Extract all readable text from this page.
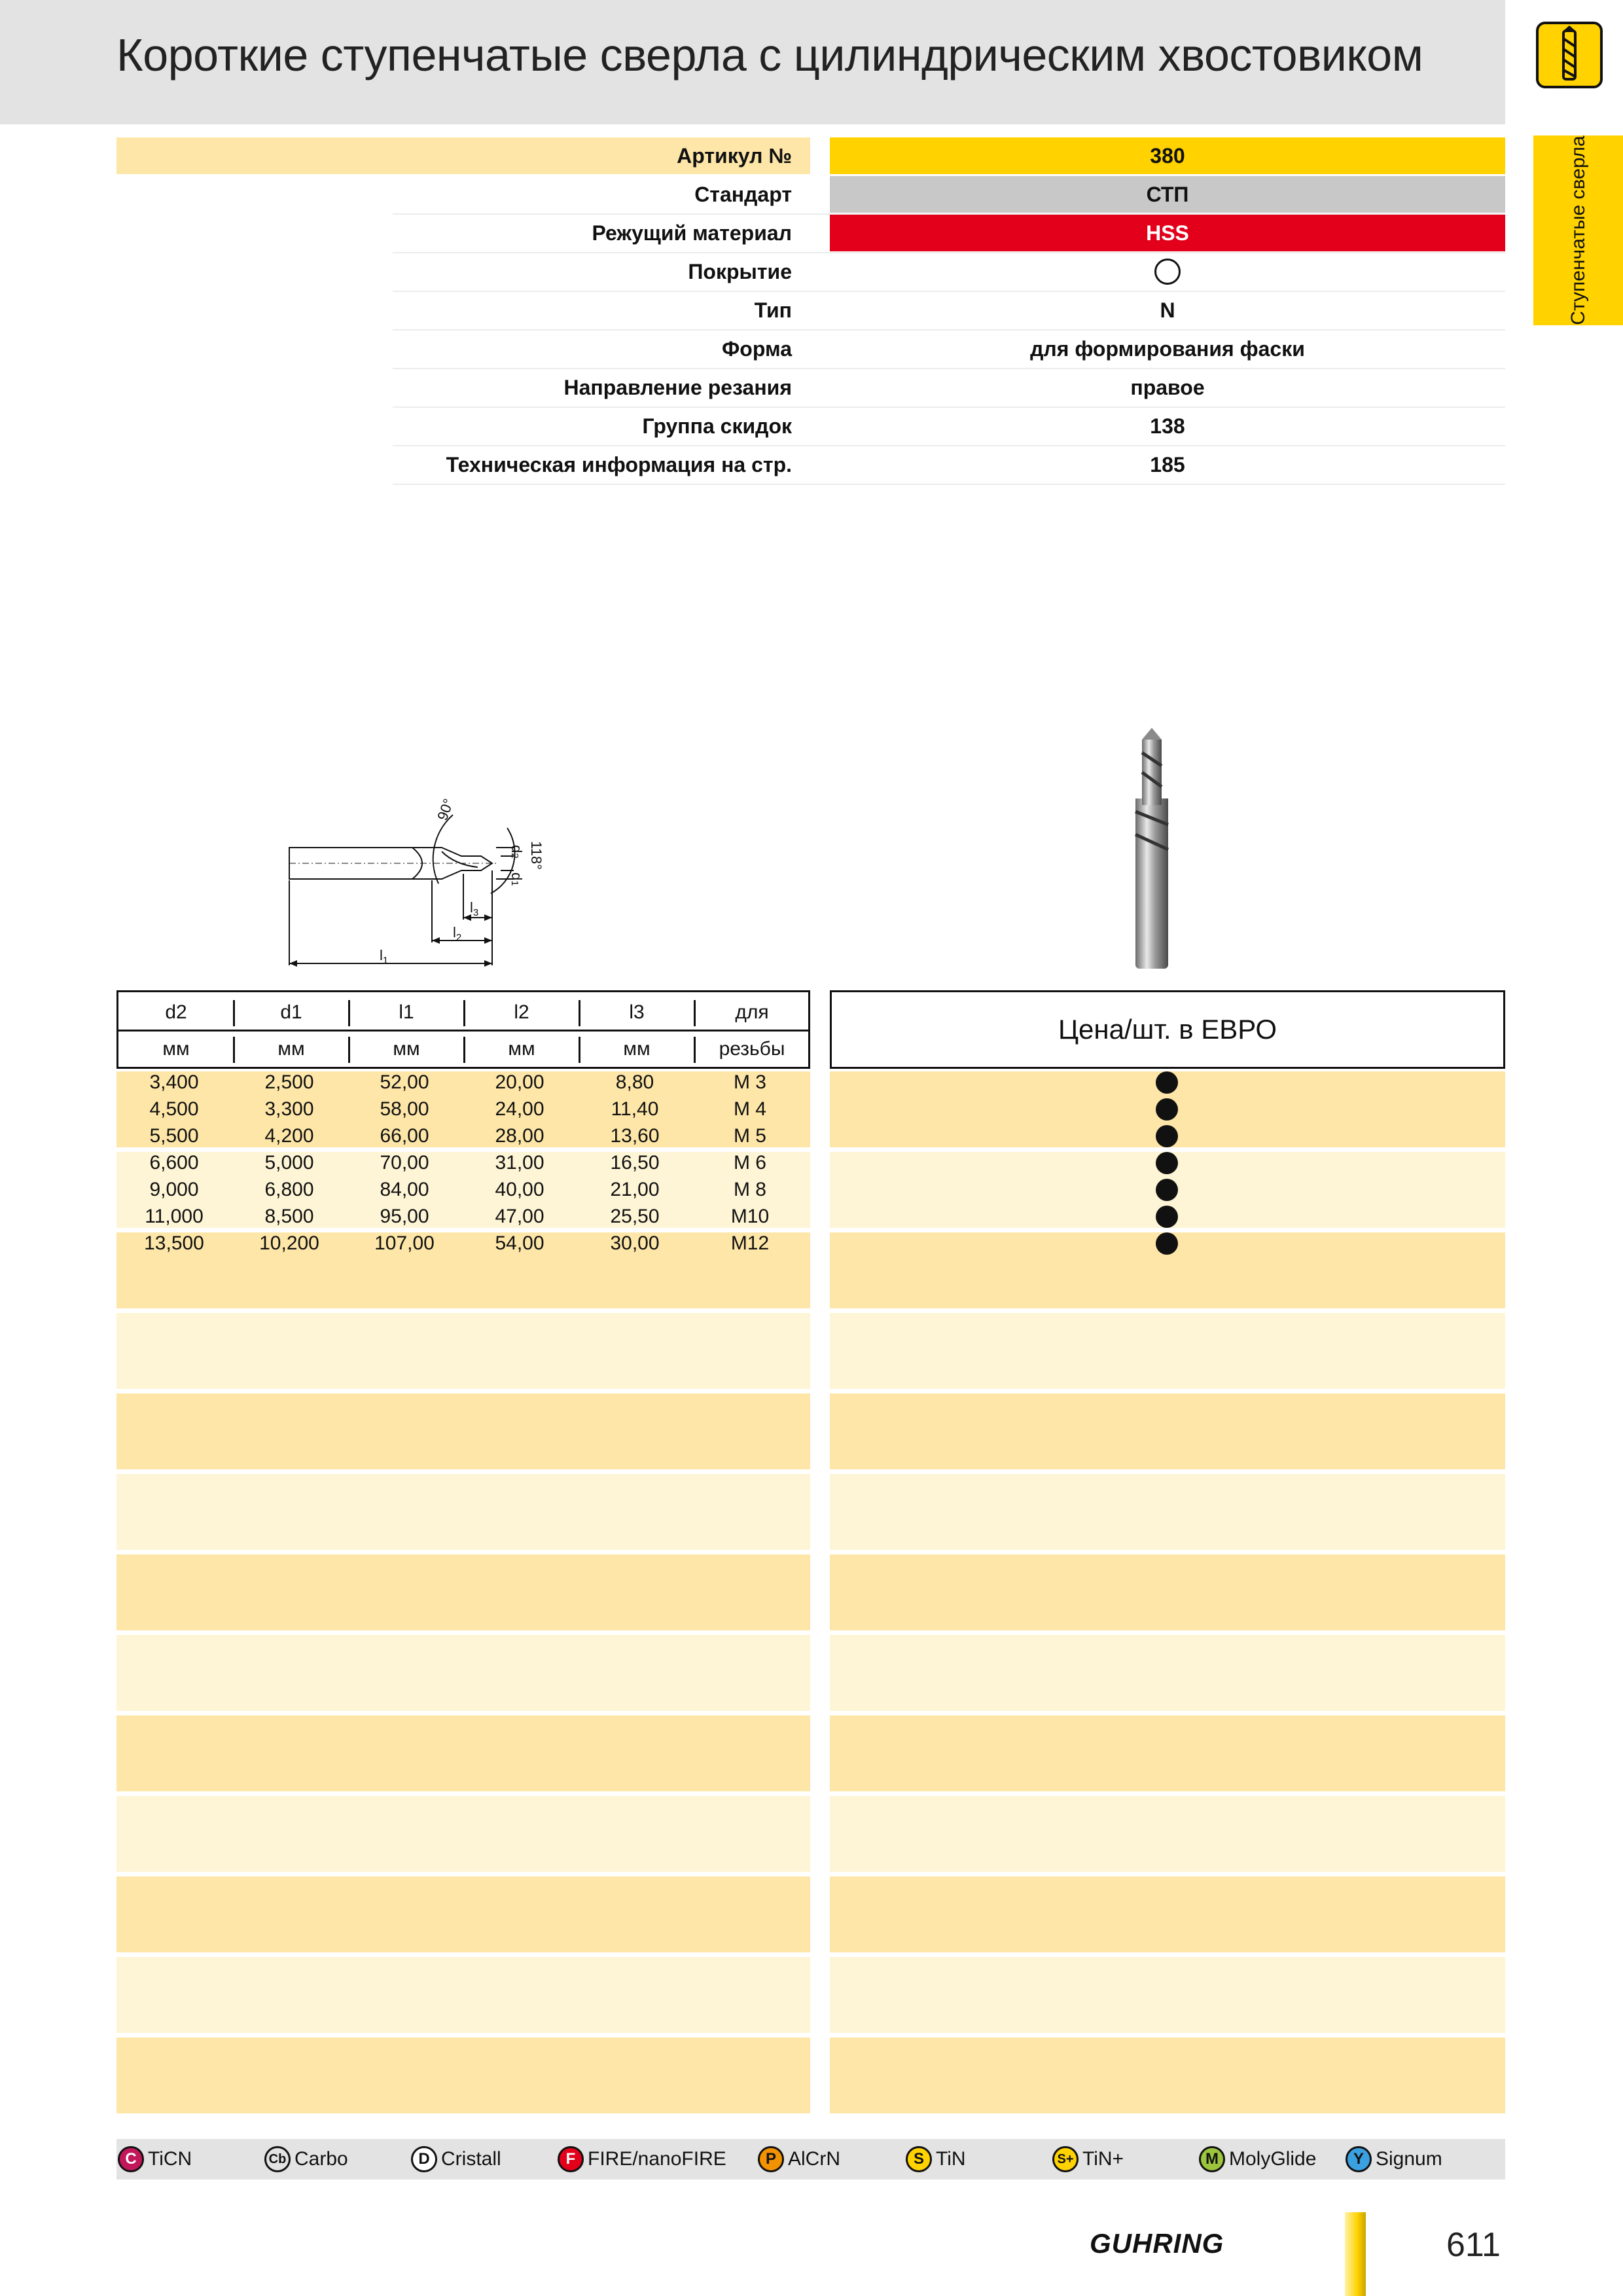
Короткие ступенчатые сверла с цилиндрическим хвостовиком
Ступенчатые сверла
Артикул №	380
Стандарт	СТП
Режущий материал	HSS
Покрытие
Тип	N
Форма	для формирования фаски
Направление резания	правое
Группа скидок	138
Техническая информация на стр.	185
$l_1$
$l_2$
$l_3$
90°
118°
d2
d1
d2	d1	l1	l2	l3	для
мм	мм	мм	мм	мм	резьбы
Цена/шт. в ЕВРО
3,400	2,500	52,00	20,00	8,80	M 3
4,500	3,300	58,00	24,00	11,40	M 4
5,500	4,200	66,00	28,00	13,60	M 5
6,600	5,000	70,00	31,00	16,50	M 6
9,000	6,800	84,00	40,00	21,00	M 8
11,000	8,500	95,00	47,00	25,50	M10
13,500	10,200	107,00	54,00	30,00	M12
C TiCN	Cb Carbo	D Cristall	F FIRE/nanoFIRE	P AlCrN	S TiN	S+ TiN+	M MolyGlide	Y Signum
GUHRING	611
